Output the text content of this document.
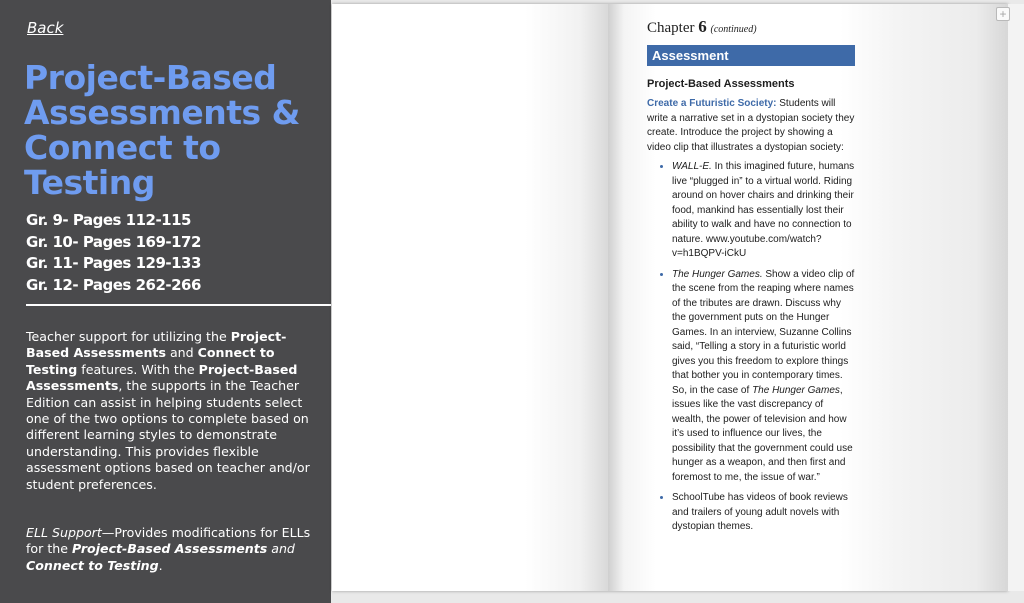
Back
Project-Based Assessments & Connect to Testing
Gr. 9- Pages 112-115
Gr. 10- Pages 169-172
Gr. 11- Pages 129-133
Gr. 12- Pages 262-266

Teacher support for utilizing the Project-Based Assessments and Connect to Testing features. With the Project-Based Assessments, the supports in the Teacher Edition can assist in helping students select one of the two options to complete based on different learning styles to demonstrate understanding. This provides flexible assessment options based on teacher and/or student preferences.

ELL Support—Provides modifications for ELLs for the Project-Based Assessments and Connect to Testing.

+
Chapter 6 (continued)
Assessment
Project-Based Assessments

Create a Futuristic Society: Students will write a narrative set in a dystopian society they create. Introduce the project by showing a video clip that illustrates a dystopian society:

• WALL-E. In this imagined future, humans live “plugged in” to a virtual world. Riding around on hover chairs and drinking their food, mankind has essentially lost their ability to walk and have no connection to nature. www.youtube.com/watch?v=h1BQPV-iCkU
• The Hunger Games. Show a video clip of the scene from the reaping where names of the tributes are drawn. Discuss why the government puts on the Hunger Games. In an interview, Suzanne Collins said, “Telling a story in a futuristic world gives you this freedom to explore things that bother you in contemporary times. So, in the case of The Hunger Games, issues like the vast discrepancy of wealth, the power of television and how it’s used to influence our lives, the possibility that the government could use hunger as a weapon, and then first and foremost to me, the issue of war.”
• SchoolTube has videos of book reviews and trailers of young adult novels with dystopian themes.
